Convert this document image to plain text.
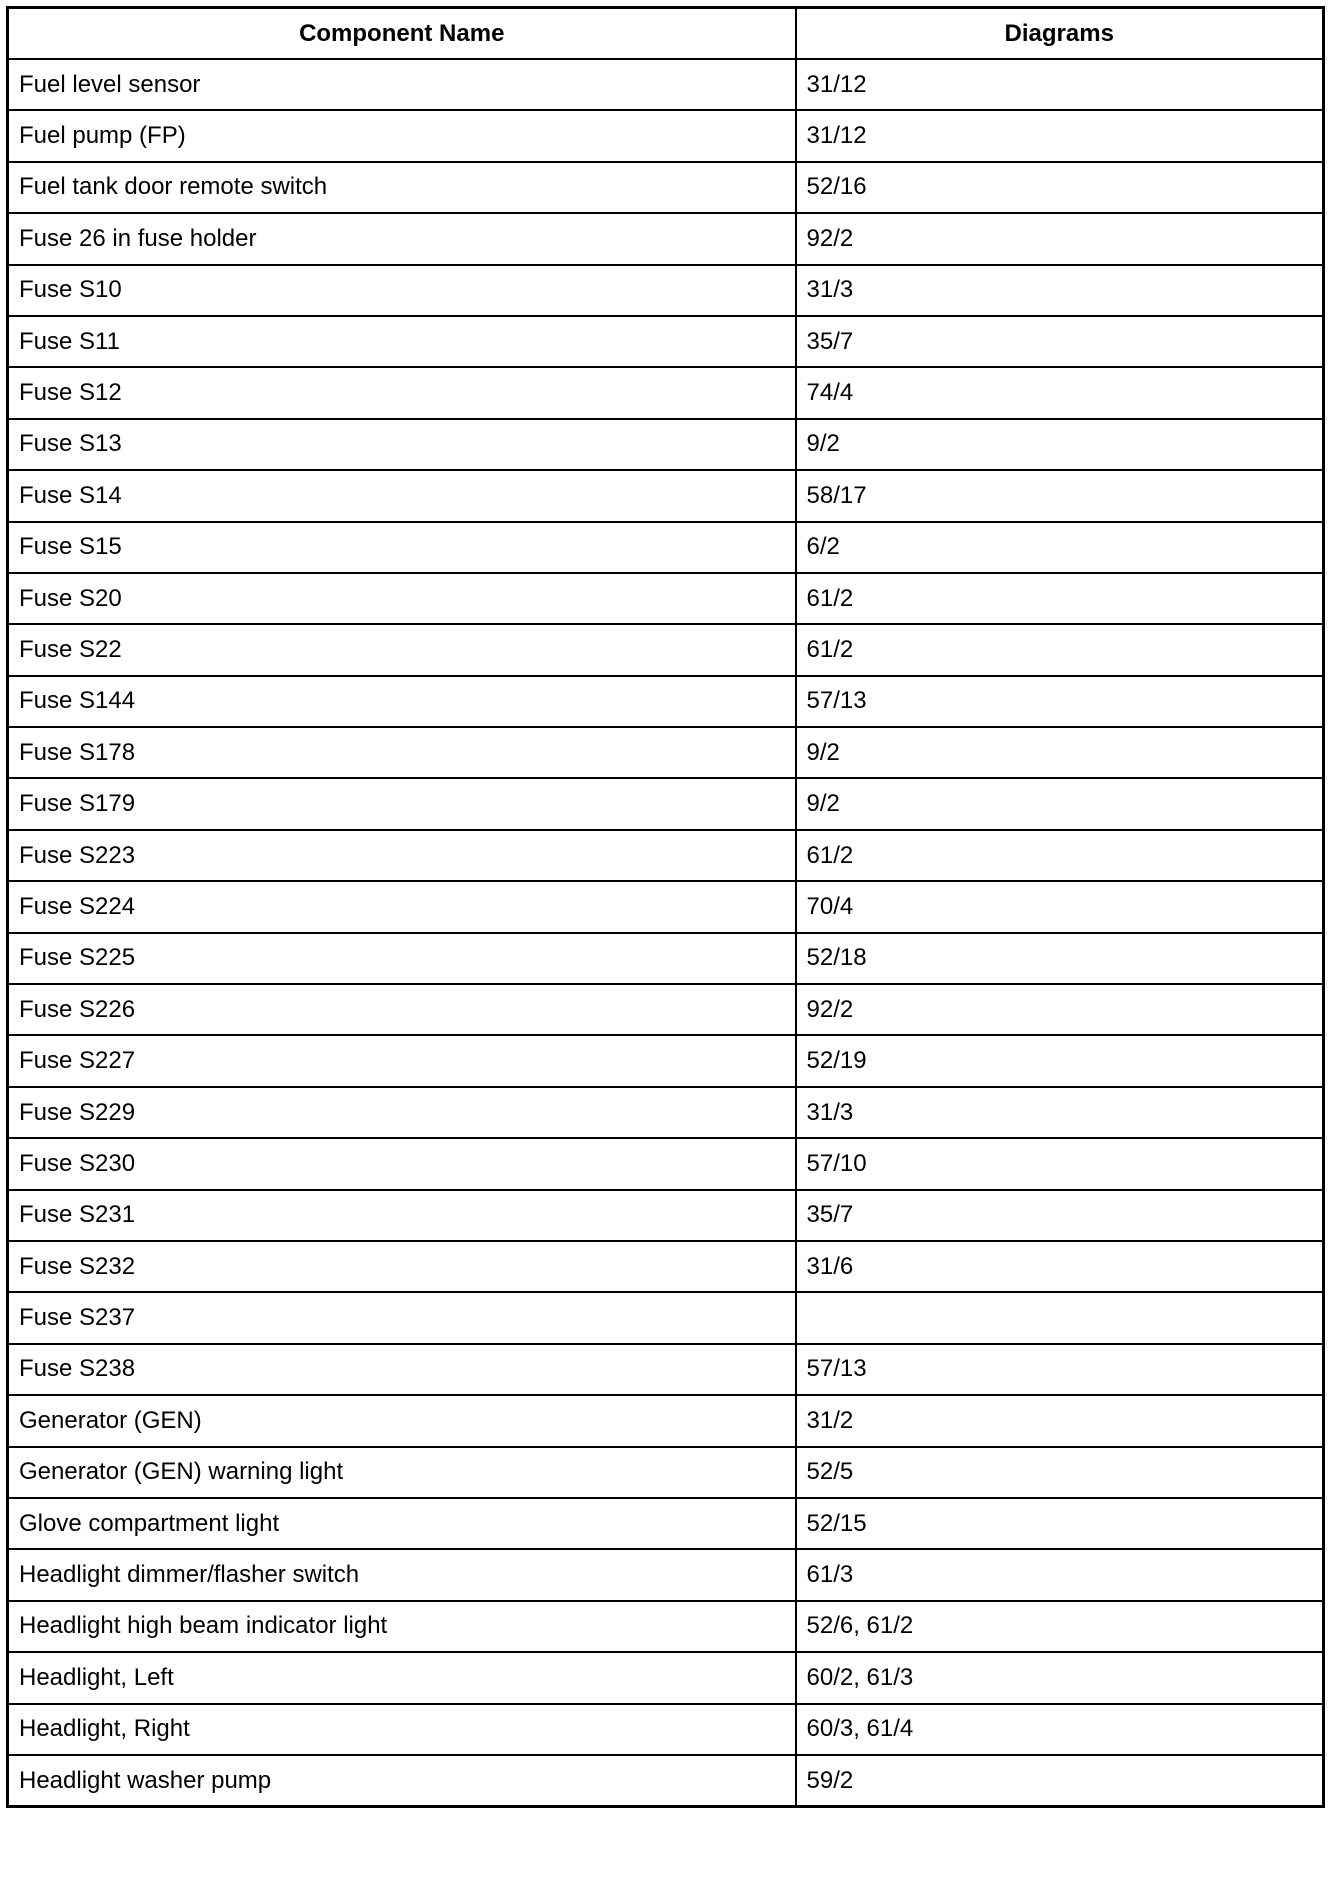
Component Name	Diagrams
Fuel level sensor	31/12
Fuel pump (FP)	31/12
Fuel tank door remote switch	52/16
Fuse 26 in fuse holder	92/2
Fuse S10	31/3
Fuse S11	35/7
Fuse S12	74/4
Fuse S13	9/2
Fuse S14	58/17
Fuse S15	6/2
Fuse S20	61/2
Fuse S22	61/2
Fuse S144	57/13
Fuse S178	9/2
Fuse S179	9/2
Fuse S223	61/2
Fuse S224	70/4
Fuse S225	52/18
Fuse S226	92/2
Fuse S227	52/19
Fuse S229	31/3
Fuse S230	57/10
Fuse S231	35/7
Fuse S232	31/6
Fuse S237	
Fuse S238	57/13
Generator (GEN)	31/2
Generator (GEN) warning light	52/5
Glove compartment light	52/15
Headlight dimmer/flasher switch	61/3
Headlight high beam indicator light	52/6, 61/2
Headlight, Left	60/2, 61/3
Headlight, Right	60/3, 61/4
Headlight washer pump	59/2
